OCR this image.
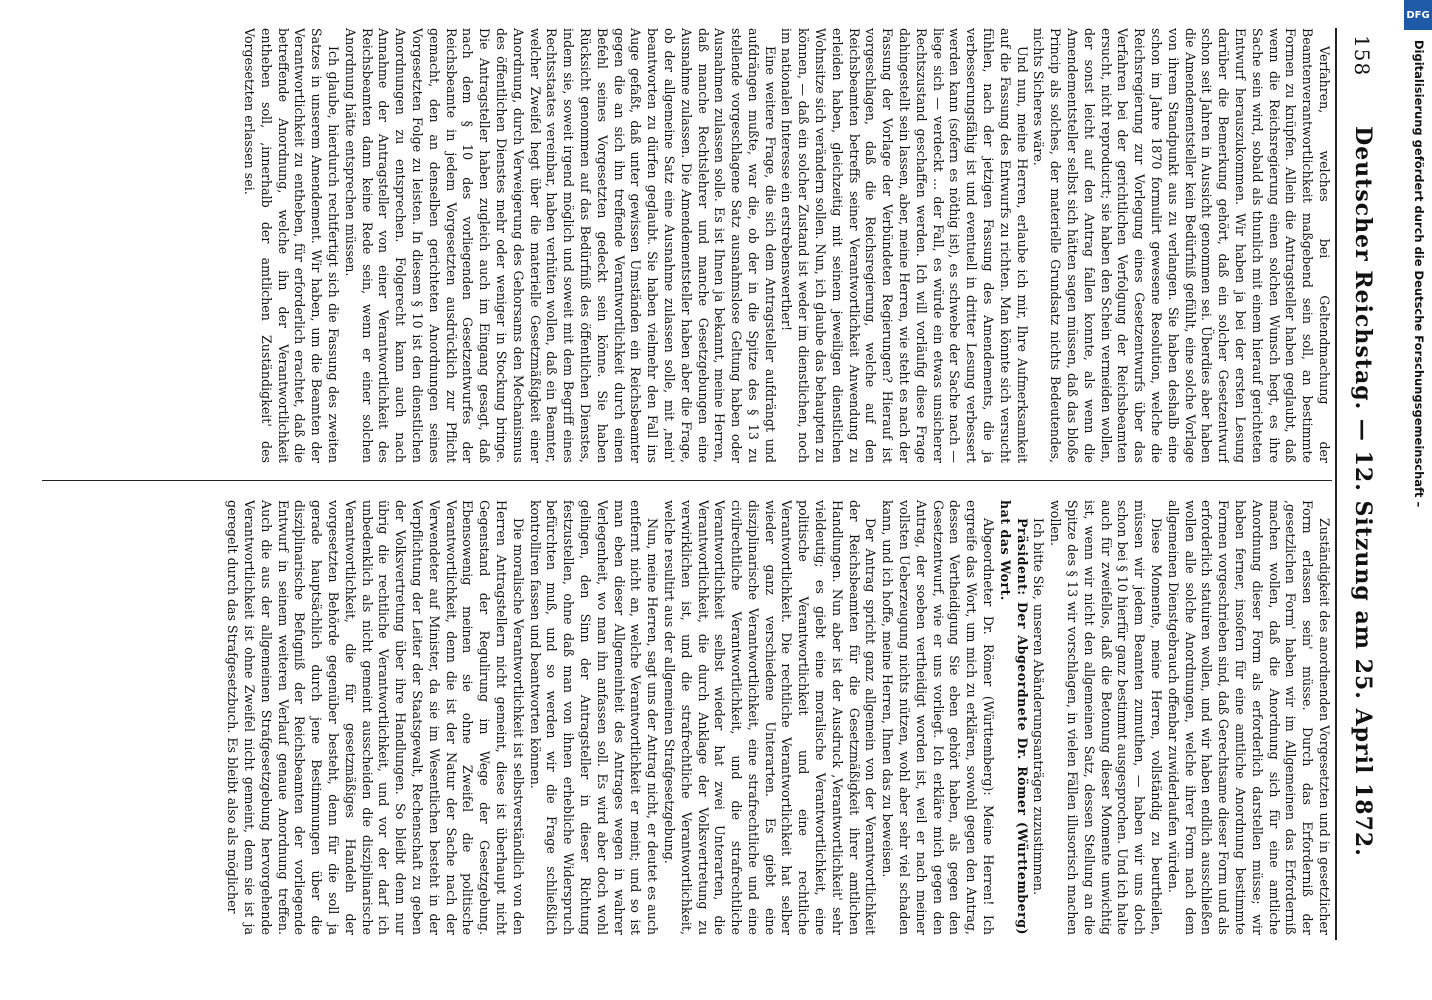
158
Deutscher Reichstag. — 12. Sitzung am 25. April 1872.

Verfahren, welches bei Geltendmachung der Beamtenverantwortlichkeit maßgebend sein soll, an bestimmte Formen zu knüpfen. Allein die Antragsteller haben geglaubt, daß wenn die Reichsregierung einen solchen Wunsch hegt, es ihre Sache sein wird, sobald als thunlich mit einem hierauf gerichteten Entwurf herauszukommen. Wir haben ja bei der ersten Lesung darüber die Bemerkung gehört, daß ein solcher Gesetzentwurf schon seit Jahren in Aussicht genommen sei. Überdies aber haben die Amendementsteller kein Bedürfniß gefühlt, eine solche Vorlage von ihrem Standpunkt aus zu verlangen. Sie haben deshalb eine schon im Jahre 1870 formulirt gewesene Resolution, welche die Reichsregierung zur Vorlegung eines Gesetzentwurfs über das Verfahren bei der gerichtlichen Verfolgung der Reichsbeamten ersucht, nicht reproducirt; sie haben den Schein vermeiden wollen, der sonst leicht auf den Antrag fallen konnte, als wenn die Amendementsteller selbst sich hätten sagen müssen, daß das bloße Princip als solches, der materielle Grundsatz nichts Bedeutendes, nichts Sicheres wäre.

Und nun, meine Herren, erlaube ich mir, Ihre Aufmerksamkeit auf die Fassung des Entwurfs zu richten. Man könnte sich versucht fühlen, nach der jetzigen Fassung des Amendements, die ja verbesserungsfähig ist und eventuell in dritter Lesung verbessert werden kann (sofern es nöthig ist), es schwebe der Sache nach — liege sich — verdeckt ... der Fall, es würde ein etwas unsicherer Rechtszustand geschaffen werden. Ich will vorläufig diese Frage dahingestellt sein lassen, aber, meine Herren, wie steht es nach der Fassung der Vorlage der Verbündeten Regierungen? Hierauf ist vorgeschlagen, daß die Reichsregierung, welche auf den Reichsbeamten betreffs seiner Verantwortlichkeit Anwendung zu erleiden haben, gleichzeitig mit seinem jeweiligen dienstlichen Wohnsitze sich verändern sollen. Nun, ich glaube das behaupten zu können, — daß ein solcher Zustand ist weder im dienstlichen, noch im nationalen Interesse ein erstrebenswerther!

Eine weitere Frage, die sich dem Antragsteller aufdrängt und aufdrängen mußte, war die, ob der in die Spitze des § 13 zu stellende vorgeschlagene Satz ausnahmslose Geltung haben oder Ausnahmen zulassen solle. Es ist Ihnen ja bekannt, meine Herren, daß manche Rechtslehrer und manche Gesetzgebungen eine Ausnahme zulassen. Die Amendementsteller haben aber die Frage, ob der allgemeine Satz eine Ausnahme zulassen solle, mit ,nein' beantworten zu dürfen geglaubt. Sie haben vielmehr den Fall ins Auge gefaßt, daß unter gewissen Umständen ein Reichsbeamter gegen die an sich ihn treffende Verantwortlichkeit durch einen Befehl seines Vorgesetzten gedeckt sein könne. Sie haben Rücksicht genommen auf das Bedürfniß des öffentlichen Dienstes, indem sie, soweit irgend möglich und soweit mit dem Begriff eines Rechtsstaates vereinbar, haben verhüten wollen, daß ein Beamter, welcher Zweifel hegt über die materielle Gesetzmäßigkeit einer Anordnung, durch Verweigerung des Gehorsams den Mechanismus des öffentlichen Dienstes mehr oder weniger in Stockung bringe. Die Antragsteller haben zugleich auch im Eingang gesagt, daß nach dem § 10 des vorliegenden Gesetzentwurfes der Reichsbeamte in jedem Vorgesetzten ausdrücklich zur Pflicht gemacht, den an denselben gerichteten Anordnungen seines Vorgesetzten Folge zu leisten. In diesem § 10 ist den dienstlichen Anordnungen zu entsprechen. Folgerecht kann auch nach Annahme der Antragsteller von einer Verantwortlichkeit des Reichsbeamten dann keine Rede sein, wenn er einer solchen Anordnung hätte entsprechen müssen.

Ich glaube, hierdurch rechtfertigt sich die Fassung des zweiten Satzes in unserem Amendement. Wir haben, um die Beamten der Verantwortlichkeit zu entheben, für erforderlich erachtet, daß die betreffende Anordnung, welche ihn der Verantwortlichkeit entheben soll, ,innerhalb der amtlichen Zuständigkeit' des Vorgesetzten erlassen sei.

Zuständigkeit des anordnenden Vorgesetzten und in gesetzlicher Form erlassen sein' müsse. Durch das Erforderniß der ,gesetzlichen Form' haben wir im Allgemeinen das Erforderniß machen wollen, daß die Anordnung sich für eine amtliche Anordnung dieser Form als erforderlich darstellen müsse; wir haben ferner, insofern für eine amtliche Anordnung bestimmte Formen vorgeschrieben sind, daß Gerechtsame dieser Form und als erforderlich statuiren wollen, und wir haben endlich ausschließen wollen alle solche Anordnungen, welche ihrer Form nach dem allgemeinen Dienstgebrauch offenbar zuwiderlaufen würden.

Diese Momente, meine Herren, vollständig zu beurtheilen, müssen wir jedem Beamten zumuthen, — haben wir uns doch schon bei § 10 hierfür ganz bestimmt ausgesprochen. Und ich halte auch für zweifellos, daß die Betonung dieser Momente unwichtig ist, wenn wir nicht den allgemeinen Satz, dessen Stellung an die Spitze des § 13 wir vorschlagen, in vielen Fällen illusorisch machen wollen.

Ich bitte Sie, unseren Abänderungsanträgen zuzustimmen.

Präsident: Der Abgeordnete Dr. Römer (Württemberg) hat das Wort.

Abgeordneter Dr. Römer (Württemberg): Meine Herren! Ich ergreife das Wort, um mich zu erklären, sowohl gegen den Antrag, dessen Vertheidigung Sie eben gehört haben, als gegen den Gesetzentwurf, wie er uns vorliegt. Ich erkläre mich gegen den Antrag, der soeben vertheidigt worden ist, weil er nach meiner vollsten Ueberzeugung nichts nützen, wohl aber sehr viel schaden kann, und ich hoffe, meine Herren, Ihnen das zu beweisen.

Der Antrag spricht ganz allgemein von der Verantwortlichkeit der Reichsbeamten für die Gesetzmäßigkeit ihrer amtlichen Handlungen. Nun aber ist der Ausdruck ,Verantwortlichkeit' sehr vieldeutig; es giebt eine moralische Verantwortlichkeit, eine politische Verantwortlichkeit und eine rechtliche Verantwortlichkeit. Die rechtliche Verantwortlichkeit hat selber wieder ganz verschiedene Unterarten. Es giebt eine disziplinarische Verantwortlichkeit, eine strafrechtliche und eine civilrechtliche Verantwortlichkeit, und die strafrechtliche Verantwortlichkeit selbst wieder hat zwei Unterarten, die Verantwortlichkeit, die durch Anklage der Volksvertretung zu verwirklichen ist, und die strafrechtliche Verantwortlichkeit, welche resultirt aus der allgemeinen Strafgesetzgebung.

Nun, meine Herren, sagt uns der Antrag nicht, er deutet es auch entfernt nicht an, welche Verantwortlichkeit er meint; und so ist man eben dieser Allgemeinheit des Antrages wegen in wahrer Verlegenheit, wo man ihn anfassen soll. Es wird aber doch wohl gelingen, den Sinn der Antragsteller in dieser Richtung festzustellen, ohne daß man von ihnen erhebliche Widerspruch befürchten muß, und so werden wir die Frage schließlich kontrolliren fassen und beantworten können.

Die moralische Verantwortlichkeit ist selbstverständlich von den Herren Antragstellern nicht gemeint, diese ist überhaupt nicht Gegenstand der Regulirung im Wege der Gesetzgebung. Ebensowenig meinen sie ohne Zweifel die politische Verantwortlichkeit, denn die ist der Natur der Sache nach der Verwendeter auf Minister, da sie im Wesentlichen besteht in der Verpflichtung der Leiter der Staatsgewalt, Rechenschaft zu geben der Volksvertretung über ihre Handlungen. So bleibt denn nur übrig die rechtliche Verantwortlichkeit, und vor der darf ich unbedenklich als nicht gemeint ausscheiden die disziplinarische Verantwortlichkeit, die für gesetzmäßiges Handeln der vorgesetzten Behörde gegenüber besteht, denn für die soll ja gerade hauptsächlich durch jene Bestimmungen über die disziplinarische Befugniß der Reichsbeamten der vorliegende Entwurf in seinem weiteren Verlauf genaue Anordnung treffen. Auch die aus der allgemeinen Strafgesetzgebung hervorgehende Verantwortlichkeit ist ohne Zweifel nicht gemeint, denn sie ist ja geregelt durch das Strafgesetzbuch. Es bleibt also als möglicher

DFG
Digitalisierung gefördert durch die Deutsche Forschungsgemeinschaft –
